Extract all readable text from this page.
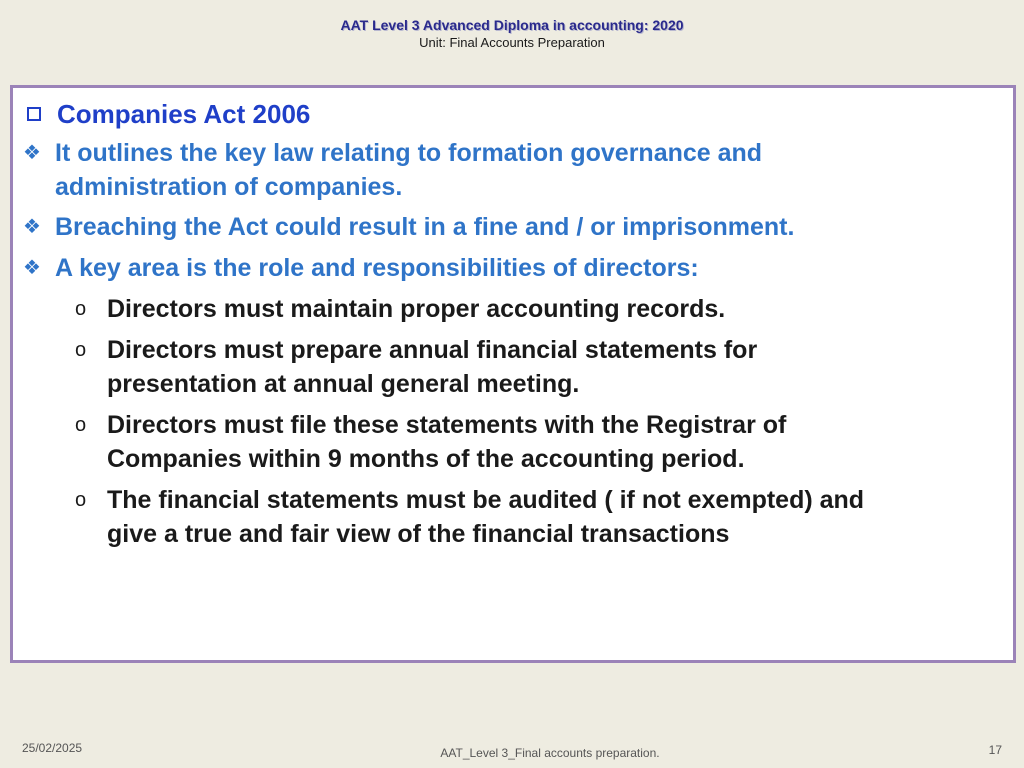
AAT Level 3 Advanced Diploma in accounting: 2020
Unit: Final Accounts Preparation
Companies Act 2006
❖ It outlines the key law relating to formation governance and
administration of companies.
❖ Breaching the Act could result in a fine and / or imprisonment.
❖ A key area is the role and responsibilities of directors:
o Directors must maintain proper accounting records.
o Directors must prepare annual financial statements for
presentation at annual general meeting.
o Directors must file these statements with the Registrar of
Companies within 9 months of the accounting period.
o The financial statements must be audited ( if not exempted) and
give a true and fair view of the financial transactions
25/02/2025	AAT_Level 3_Final accounts preparation.	17
